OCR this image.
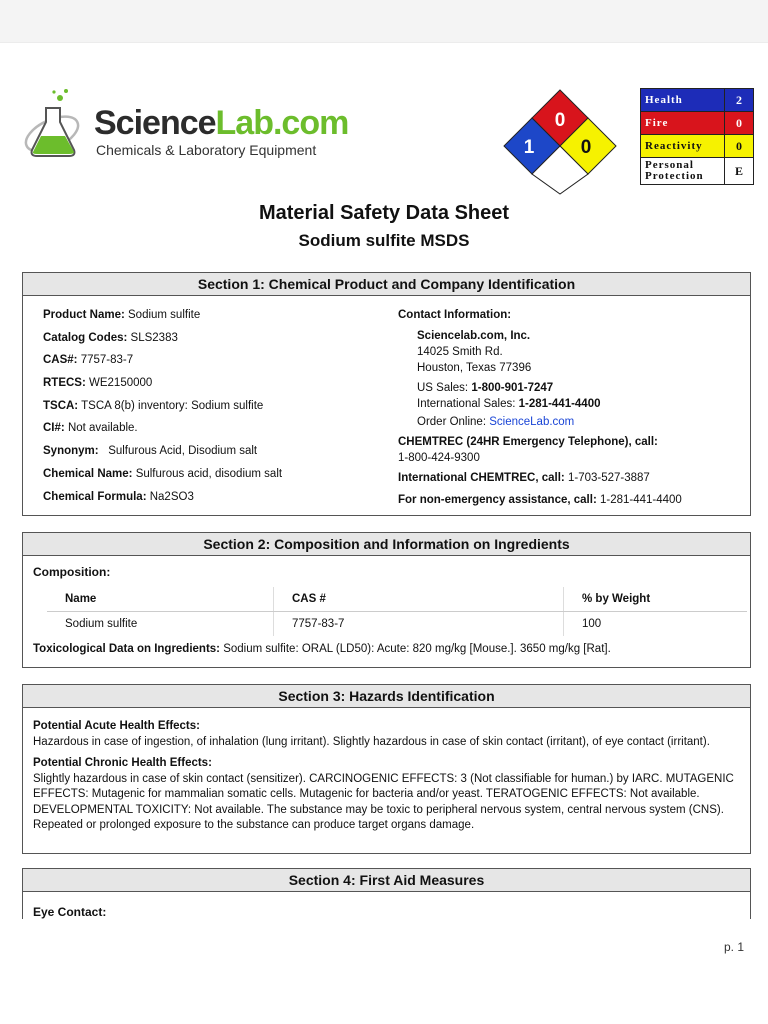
ScienceLab.com
Chemicals & Laboratory Equipment
0
1 0
Health	2
Fire	0
Reactivity	0
Personal
Protection	E
Material Safety Data Sheet
Sodium sulfite MSDS
Section 1: Chemical Product and Company Identification
Product Name: Sodium sulfite
Catalog Codes: SLS2383
CAS#: 7757-83-7
RTECS: WE2150000
TSCA: TSCA 8(b) inventory: Sodium sulfite
CI#: Not available.
Synonym: Sulfurous Acid, Disodium salt
Chemical Name: Sulfurous acid, disodium salt
Chemical Formula: Na2SO3
Contact Information:
Sciencelab.com, Inc.
14025 Smith Rd.
Houston, Texas 77396
US Sales: 1-800-901-7247
International Sales: 1-281-441-4400
Order Online: ScienceLab.com
CHEMTREC (24HR Emergency Telephone), call:
1-800-424-9300
International CHEMTREC, call: 1-703-527-3887
For non-emergency assistance, call: 1-281-441-4400
Section 2: Composition and Information on Ingredients
Composition:
Name	CAS #	% by Weight
Sodium sulfite	7757-83-7	100
Toxicological Data on Ingredients: Sodium sulfite: ORAL (LD50): Acute: 820 mg/kg [Mouse.]. 3650 mg/kg [Rat].
Section 3: Hazards Identification

Potential Acute Health Effects:
Hazardous in case of ingestion, of inhalation (lung irritant). Slightly hazardous in case of skin contact (irritant), of eye contact (irritant).

Potential Chronic Health Effects:
Slightly hazardous in case of skin contact (sensitizer). CARCINOGENIC EFFECTS: 3 (Not classifiable for human.) by IARC. MUTAGENIC EFFECTS: Mutagenic for mammalian somatic cells. Mutagenic for bacteria and/or yeast. TERATOGENIC EFFECTS: Not available. DEVELOPMENTAL TOXICITY: Not available. The substance may be toxic to peripheral nervous system, central nervous system (CNS). Repeated or prolonged exposure to the substance can produce target organs damage.

Section 4: First Aid Measures
Eye Contact:
p. 1
